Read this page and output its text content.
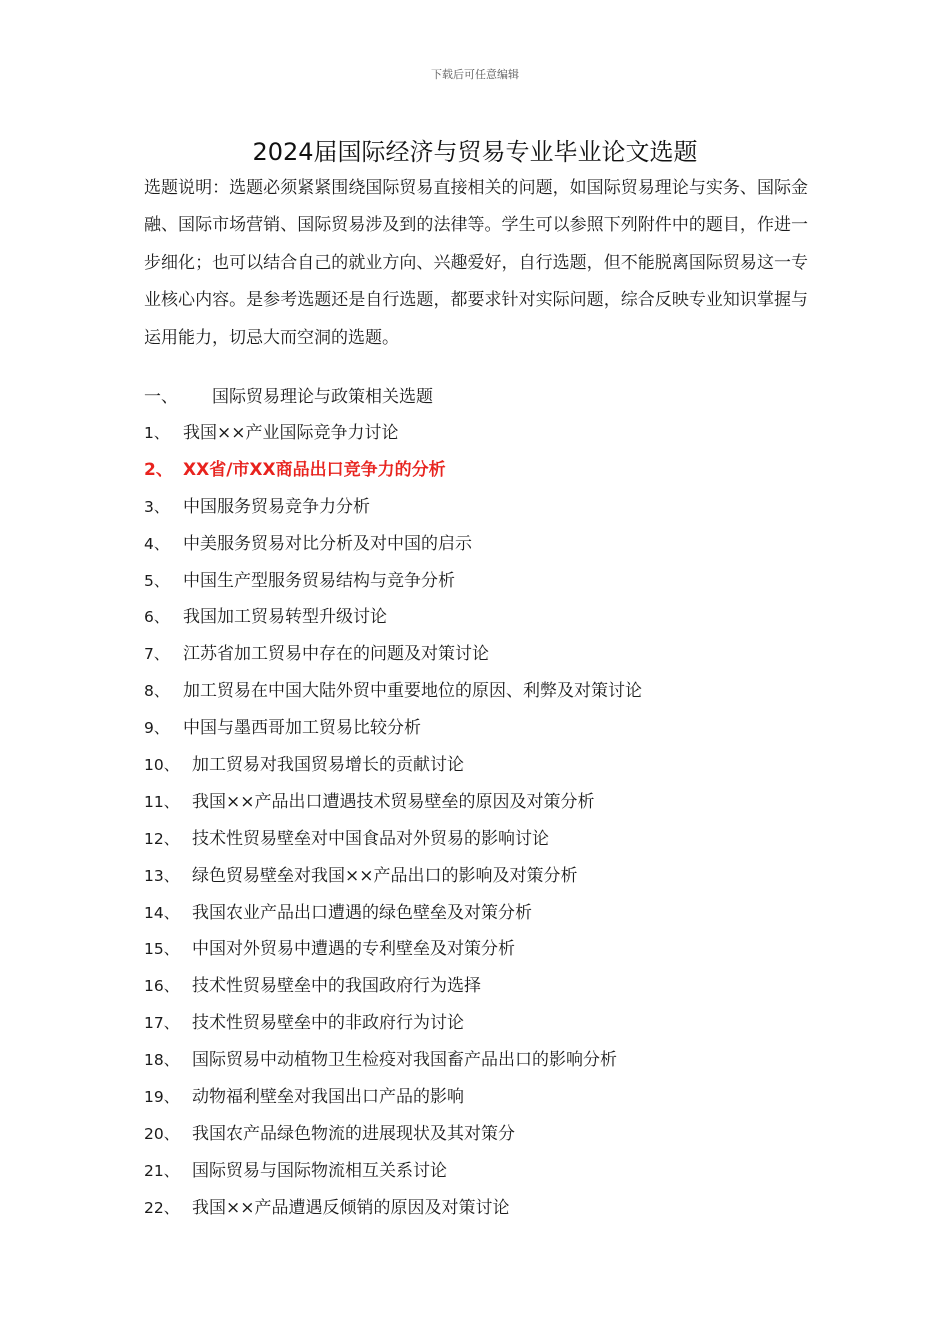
下载后可任意编辑
2024届国际经济与贸易专业毕业论文选题

选题说明：选题必须紧紧围绕国际贸易直接相关的问题，如国际贸易理论与实务、国际金融、国际市场营销、国际贸易涉及到的法律等。学生可以参照下列附件中的题目，作进一步细化；也可以结合自己的就业方向、兴趣爱好，自行选题，但不能脱离国际贸易这一专业核心内容。是参考选题还是自行选题，都要求针对实际问题，综合反映专业知识掌握与运用能力，切忌大而空洞的选题。

一、 国际贸易理论与政策相关选题
1、 我国××产业国际竞争力讨论
2、 XX省/市XX商品出口竞争力的分析
3、 中国服务贸易竞争力分析
4、 中美服务贸易对比分析及对中国的启示
5、 中国生产型服务贸易结构与竞争分析
6、 我国加工贸易转型升级讨论
7、 江苏省加工贸易中存在的问题及对策讨论
8、 加工贸易在中国大陆外贸中重要地位的原因、利弊及对策讨论
9、 中国与墨西哥加工贸易比较分析
10、 加工贸易对我国贸易增长的贡献讨论
11、 我国××产品出口遭遇技术贸易壁垒的原因及对策分析
12、 技术性贸易壁垒对中国食品对外贸易的影响讨论
13、 绿色贸易壁垒对我国××产品出口的影响及对策分析
14、 我国农业产品出口遭遇的绿色壁垒及对策分析
15、 中国对外贸易中遭遇的专利壁垒及对策分析
16、 技术性贸易壁垒中的我国政府行为选择
17、 技术性贸易壁垒中的非政府行为讨论
18、 国际贸易中动植物卫生检疫对我国畜产品出口的影响分析
19、 动物福利壁垒对我国出口产品的影响
20、 我国农产品绿色物流的进展现状及其对策分
21、 国际贸易与国际物流相互关系讨论
22、 我国××产品遭遇反倾销的原因及对策讨论
